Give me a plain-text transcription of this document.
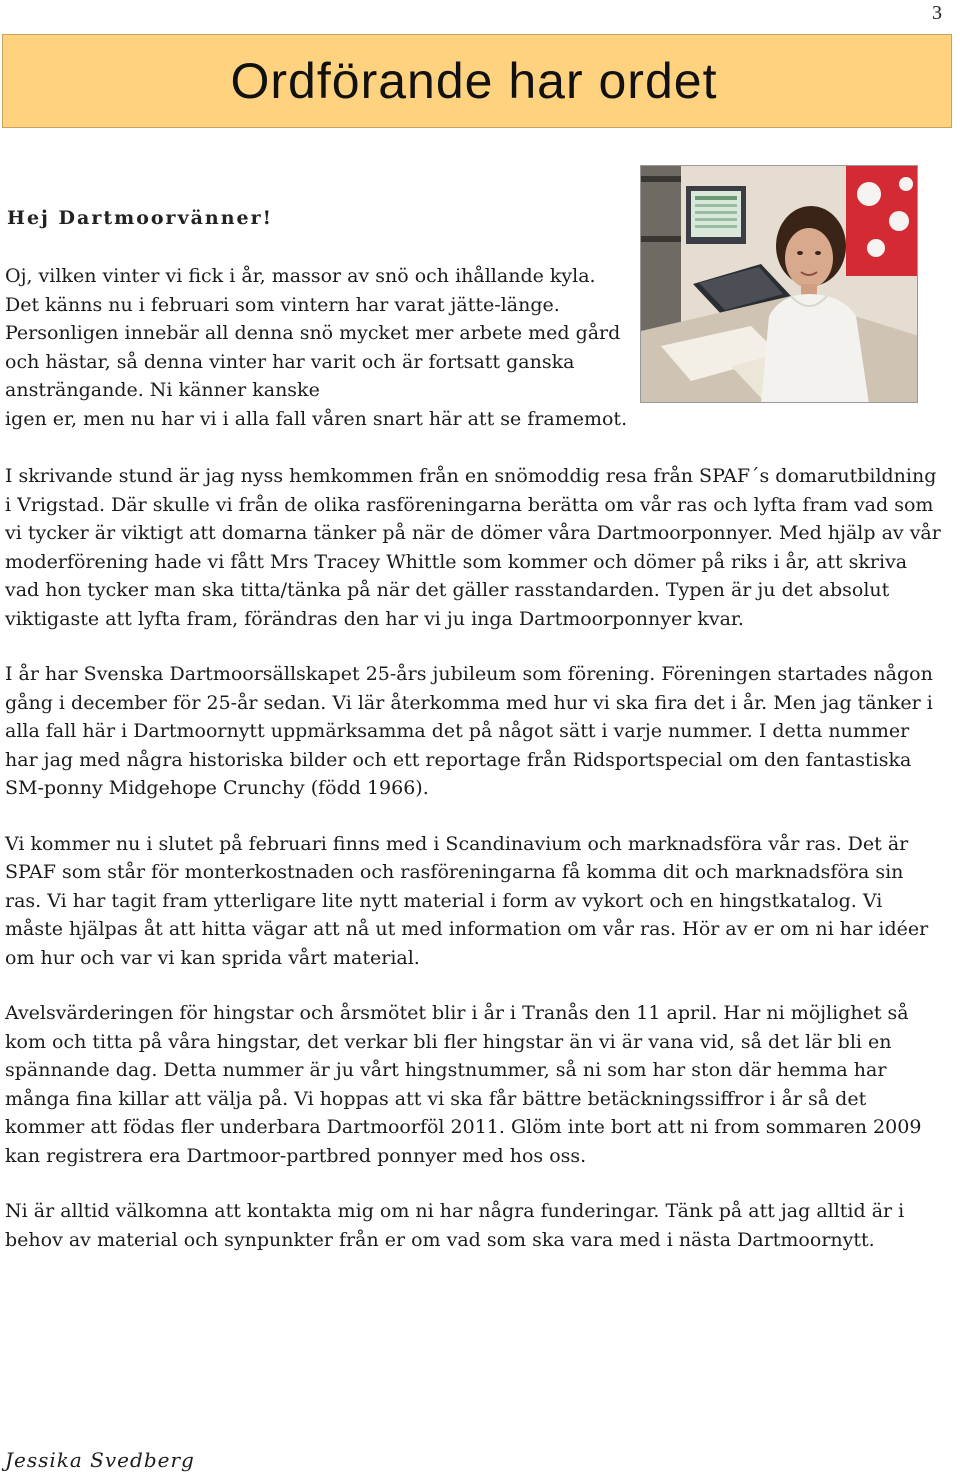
3
Ordförande har ordet

Hej Dartmoorvänner!

Oj, vilken vinter vi fick i år, massor av snö och ihållande kyla. Det känns nu i februari som vintern har varat jätte-länge. Personligen innebär all denna snö mycket mer arbete med gård och hästar, så denna vinter har varit och är fortsatt ganska ansträngande. Ni känner kanske
igen er, men nu har vi i alla fall våren snart här att se framemot.

I skrivande stund är jag nyss hemkommen från en snömoddig resa från SPAF´s domarutbildning i Vrigstad. Där skulle vi från de olika rasföreningarna berätta om vår ras och lyfta fram vad som vi tycker är viktigt att domarna tänker på när de dömer våra Dartmoorponnyer. Med hjälp av vår moderförening hade vi fått Mrs Tracey Whittle som kommer och dömer på riks i år, att skriva vad hon tycker man ska titta/tänka på när det gäller rasstandarden. Typen är ju det absolut viktigaste att lyfta fram, förändras den har vi ju inga Dartmoorponnyer kvar.

I år har Svenska Dartmoorsällskapet 25-års jubileum som förening. Föreningen startades någon gång i december för 25-år sedan. Vi lär återkomma med hur vi ska fira det i år. Men jag tänker i alla fall här i Dartmoornytt uppmärksamma det på något sätt i varje nummer. I detta nummer har jag med några historiska bilder och ett reportage från Ridsportspecial om den fantastiska SM-ponny Midgehope Crunchy (född 1966).

Vi kommer nu i slutet på februari finns med i Scandinavium och marknadsföra vår ras. Det är SPAF som står för monterkostnaden och rasföreningarna få komma dit och marknadsföra sin ras. Vi har tagit fram ytterligare lite nytt material i form av vykort och en hingstkatalog. Vi måste hjälpas åt att hitta vägar att nå ut med information om vår ras. Hör av er om ni har idéer om hur och var vi kan sprida vårt material.

Avelsvärderingen för hingstar och årsmötet blir i år i Tranås den 11 april. Har ni möjlighet så kom och titta på våra hingstar, det verkar bli fler hingstar än vi är vana vid, så det lär bli en spännande dag. Detta nummer är ju vårt hingstnummer, så ni som har ston där hemma har många fina killar att välja på. Vi hoppas att vi ska får bättre betäckningssiffror i år så det kommer att födas fler underbara Dartmoorföl 2011. Glöm inte bort att ni from sommaren 2009 kan registrera era Dartmoor-partbred ponnyer med hos oss.

Ni är alltid välkomna att kontakta mig om ni har några funderingar. Tänk på att jag alltid är i behov av material och synpunkter från er om vad som ska vara med i nästa Dartmoornytt.

Jessika Svedberg
